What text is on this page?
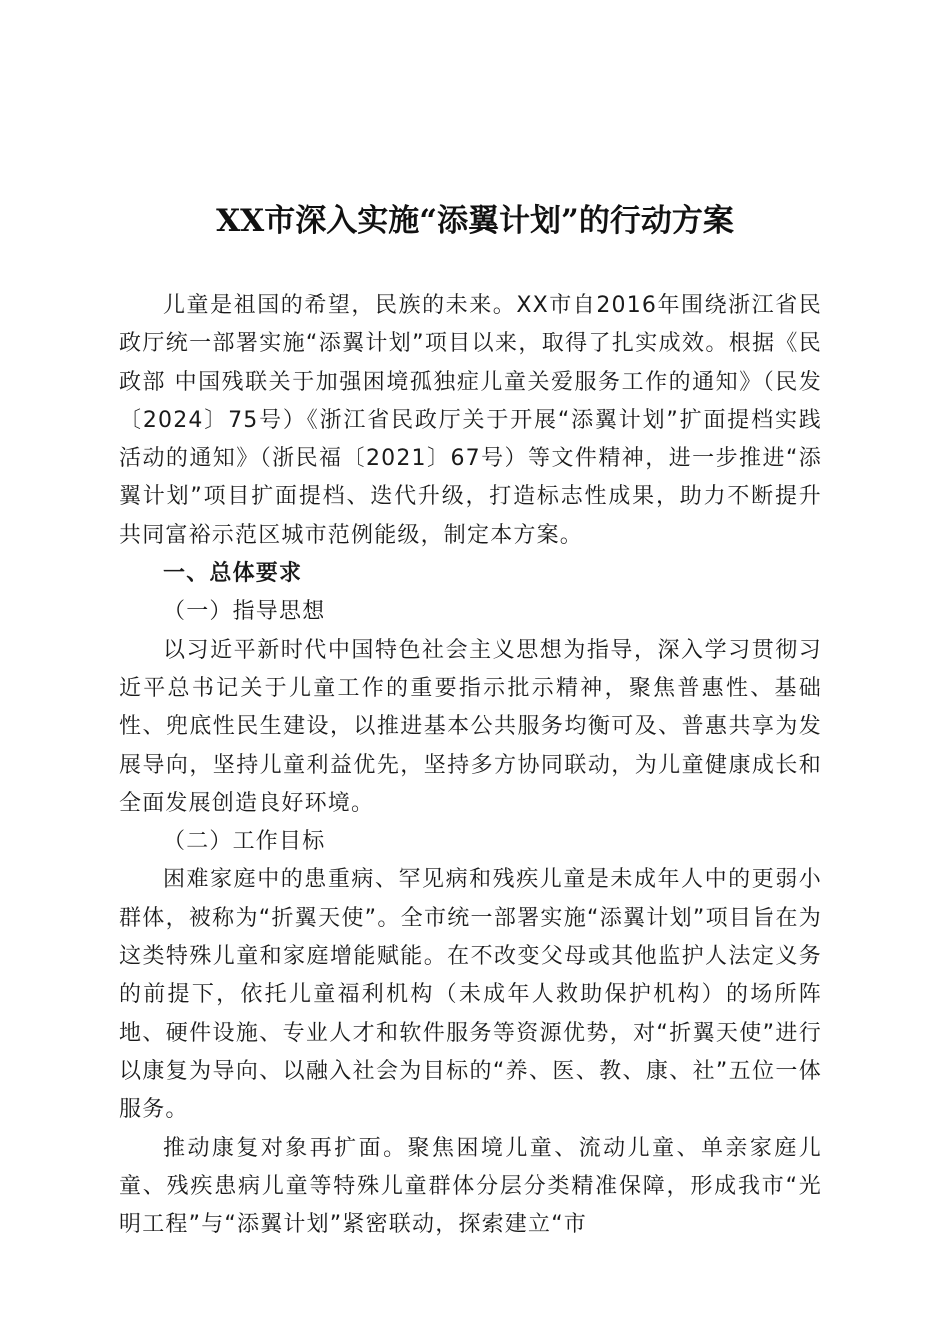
XX市深入实施“添翼计划”的行动方案

儿童是祖国的希望，民族的未来。XX市自2016年围绕浙江省民政厅统一部署实施“添翼计划”项目以来，取得了扎实成效。根据《民政部 中国残联关于加强困境孤独症儿童关爱服务工作的通知》（民发〔2024〕75号）《浙江省民政厅关于开展“添翼计划”扩面提档实践活动的通知》（浙民福〔2021〕67号）等文件精神，进一步推进“添翼计划”项目扩面提档、迭代升级，打造标志性成果，助力不断提升共同富裕示范区城市范例能级，制定本方案。

一、总体要求

（一）指导思想

以习近平新时代中国特色社会主义思想为指导，深入学习贯彻习近平总书记关于儿童工作的重要指示批示精神，聚焦普惠性、基础性、兜底性民生建设，以推进基本公共服务均衡可及、普惠共享为发展导向，坚持儿童利益优先，坚持多方协同联动，为儿童健康成长和全面发展创造良好环境。

（二）工作目标

困难家庭中的患重病、罕见病和残疾儿童是未成年人中的更弱小群体，被称为“折翼天使”。全市统一部署实施“添翼计划”项目旨在为这类特殊儿童和家庭增能赋能。在不改变父母或其他监护人法定义务的前提下，依托儿童福利机构（未成年人救助保护机构）的场所阵地、硬件设施、专业人才和软件服务等资源优势，对“折翼天使”进行以康复为导向、以融入社会为目标的“养、医、教、康、社”五位一体服务。

推动康复对象再扩面。聚焦困境儿童、流动儿童、单亲家庭儿童、残疾患病儿童等特殊儿童群体分层分类精准保障，形成我市“光明工程”与“添翼计划”紧密联动，探索建立“市
